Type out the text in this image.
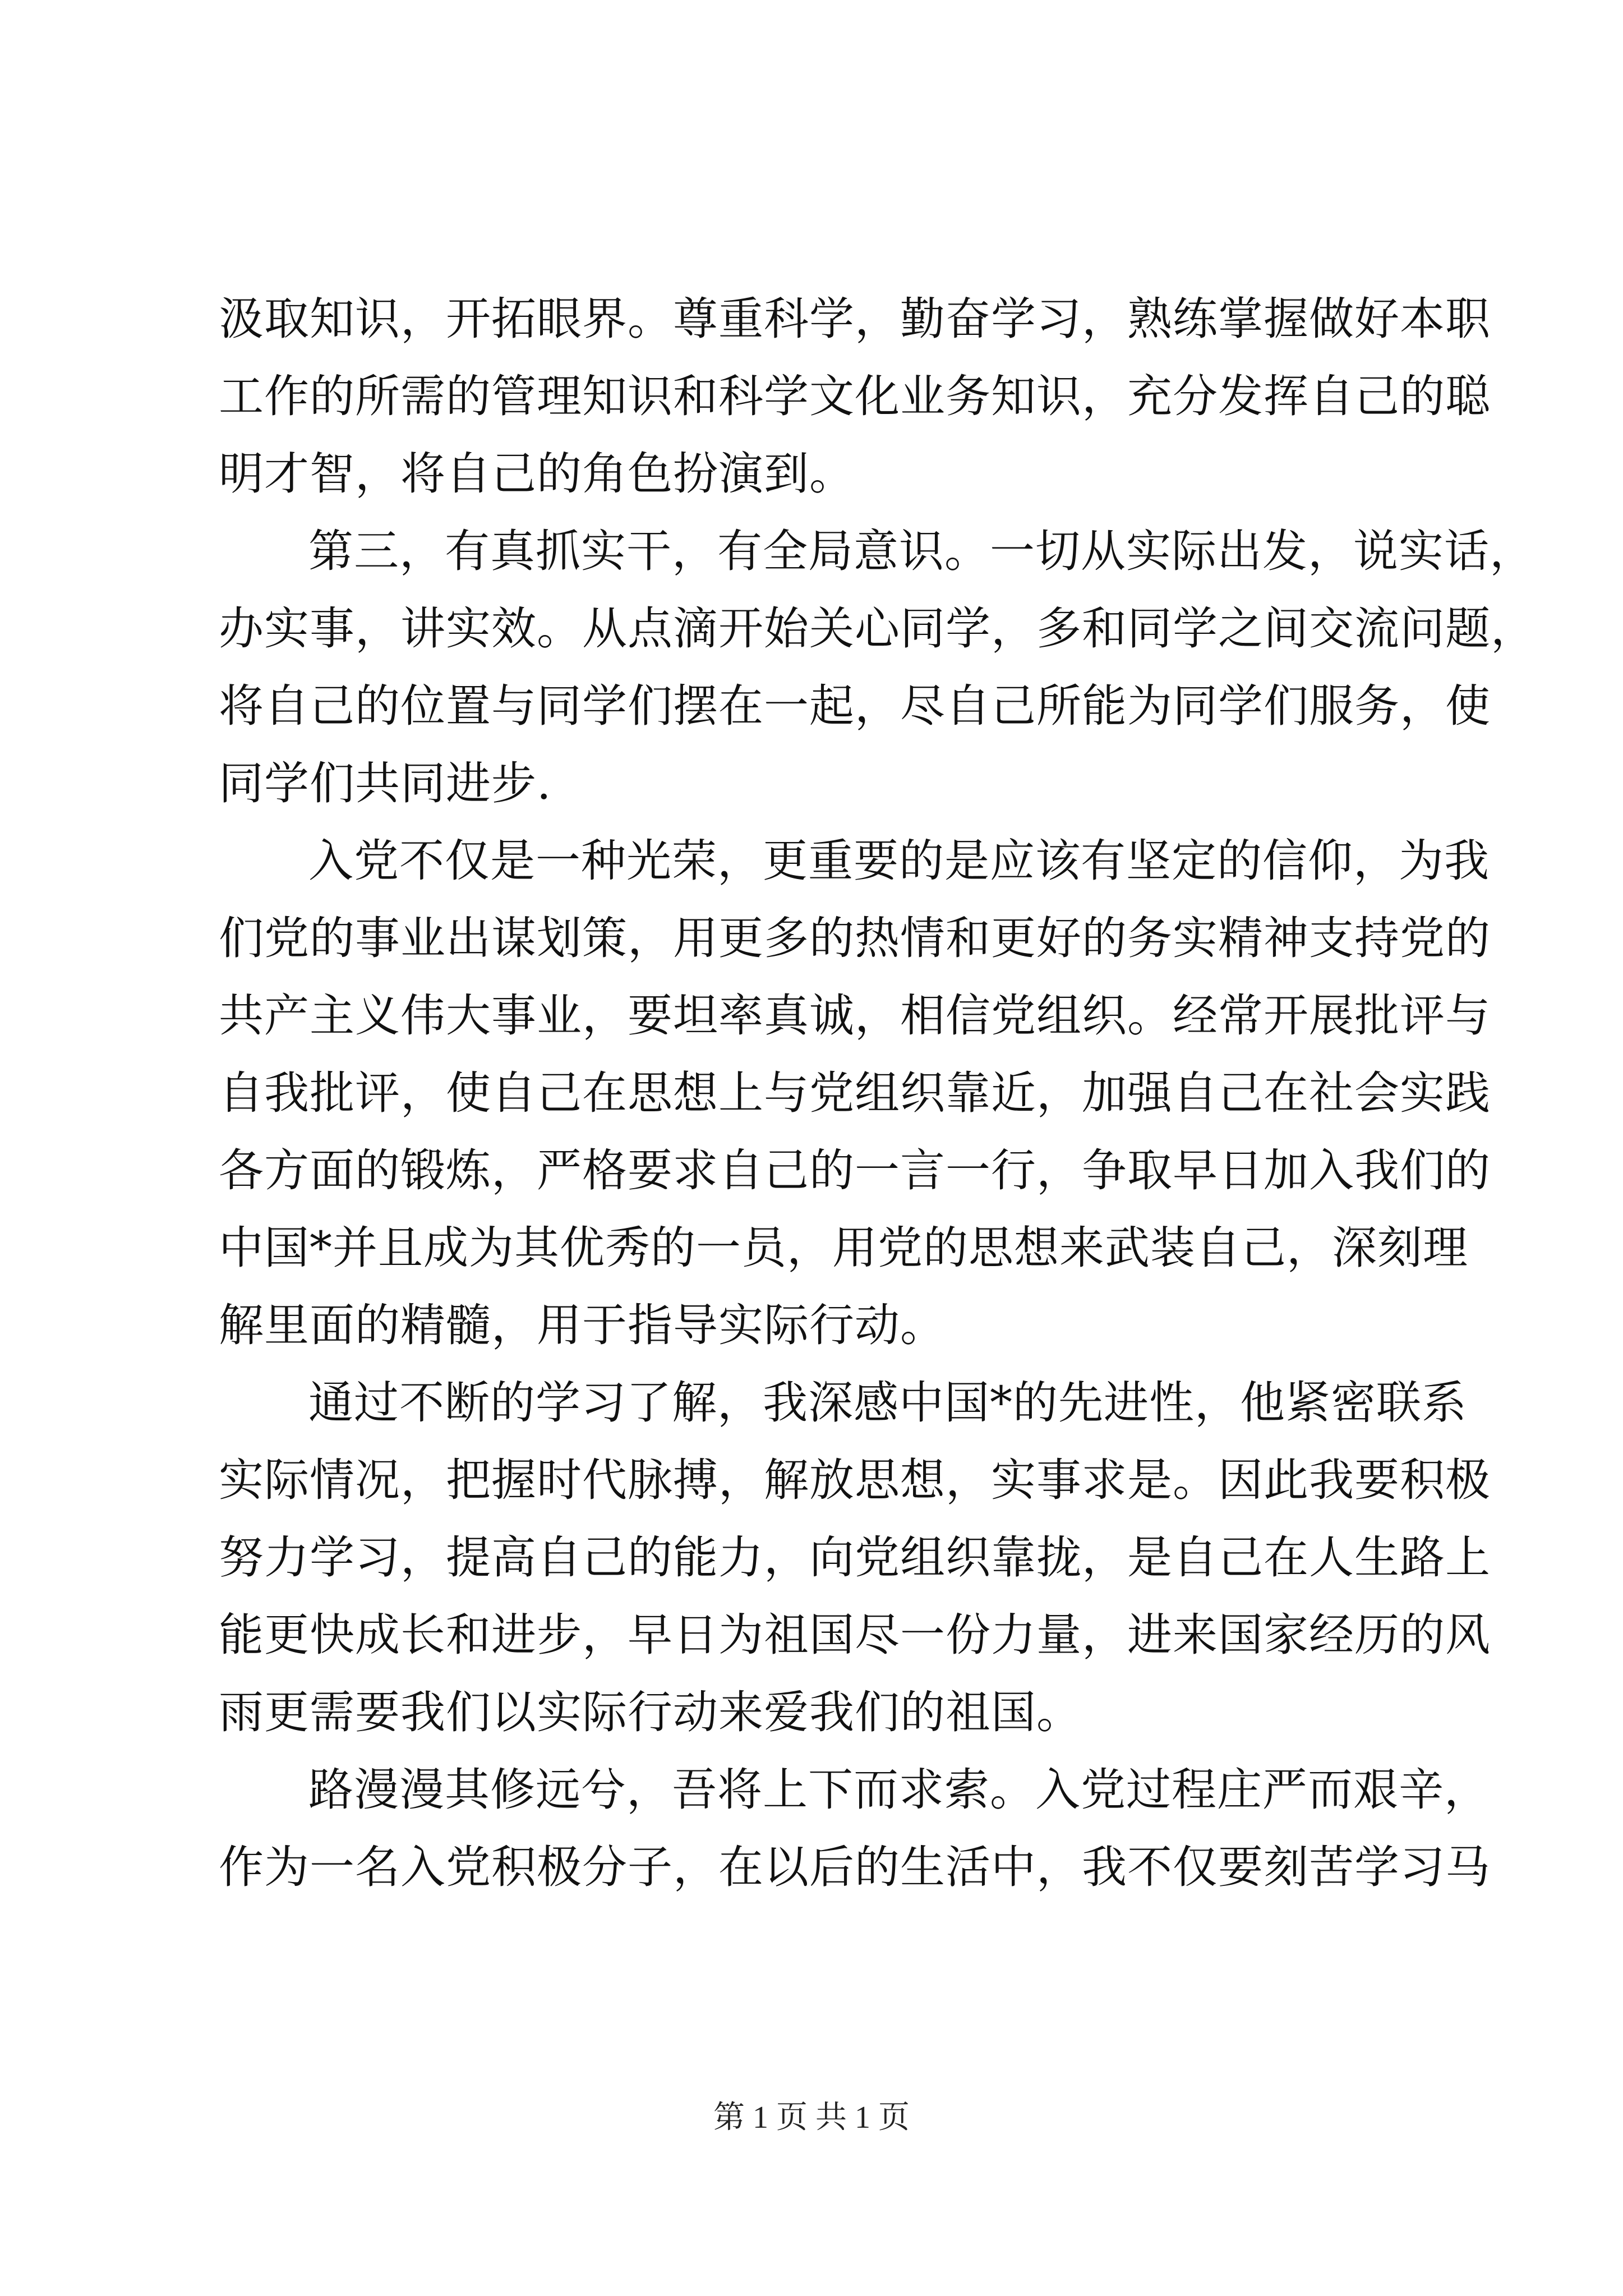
汲取知识，开拓眼界。尊重科学，勤奋学习，熟练掌握做好本职
工作的所需的管理知识和科学文化业务知识，充分发挥自己的聪
明才智，将自己的角色扮演到。
第三，有真抓实干，有全局意识。一切从实际出发，说实话，
办实事，讲实效。从点滴开始关心同学，多和同学之间交流问题，
将自己的位置与同学们摆在一起，尽自己所能为同学们服务，使
同学们共同进步.
入党不仅是一种光荣，更重要的是应该有坚定的信仰，为我
们党的事业出谋划策，用更多的热情和更好的务实精神支持党的
共产主义伟大事业，要坦率真诚，相信党组织。经常开展批评与
自我批评，使自己在思想上与党组织靠近，加强自己在社会实践
各方面的锻炼，严格要求自己的一言一行，争取早日加入我们的
中国*并且成为其优秀的一员，用党的思想来武装自己，深刻理
解里面的精髓，用于指导实际行动。
通过不断的学习了解，我深感中国*的先进性，他紧密联系
实际情况，把握时代脉搏，解放思想，实事求是。因此我要积极
努力学习，提高自己的能力，向党组织靠拢，是自己在人生路上
能更快成长和进步，早日为祖国尽一份力量，进来国家经历的风
雨更需要我们以实际行动来爱我们的祖国。
路漫漫其修远兮，吾将上下而求索。入党过程庄严而艰辛，
作为一名入党积极分子，在以后的生活中，我不仅要刻苦学习马
第 1 页 共 1 页
